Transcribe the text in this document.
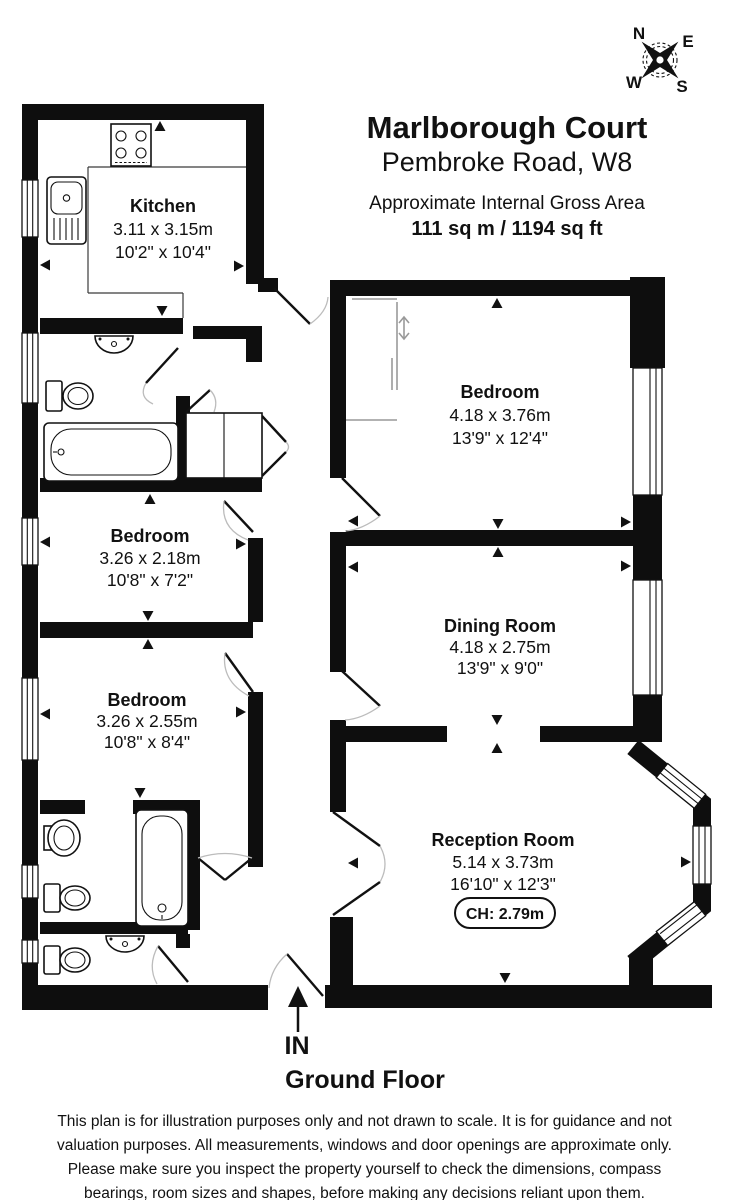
Marlborough Court
Pembroke Road, W8
Approximate Internal Gross Area
111 sq m / 1194 sq ft
Kitchen
3.11 x 3.15m
10'2" x 10'4"
Bedroom
4.18 x 3.76m
13'9" x 12'4"
Bedroom
3.26 x 2.18m
10'8" x 7'2"
Bedroom
3.26 x 2.55m
10'8" x 8'4"
Dining Room
4.18 x 2.75m
13'9" x 9'0"
Reception Room
5.14 x 3.73m
16'10" x 12'3"
CH: 2.79m
N E
W S
IN
Ground Floor
This plan is for illustration purposes only and not drawn to scale. It is for guidance and not valuation purposes. All measurements, windows and door openings are approximate only. Please make sure you inspect the property yourself to check the dimensions, compass bearings, room sizes and shapes, before making any decisions reliant upon them.
